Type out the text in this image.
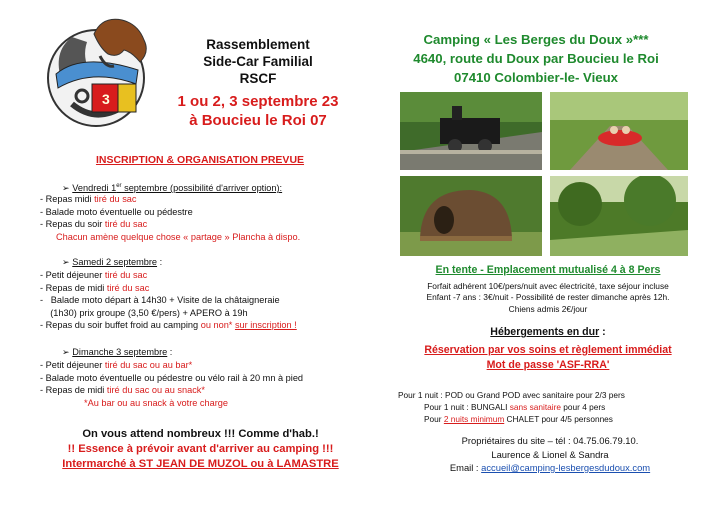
3
Rassemblement
Side-Car Familial
RSCF
1 ou 2, 3 septembre 23
à Boucieu le Roi 07
Camping « Les Berges du Doux »***
4640, route du Doux par Boucieu le Roi
07410 Colombier-le- Vieux
INSCRIPTION & ORGANISATION PREVUE
➢ Vendredi 1er septembre (possibilité d'arriver option):
- Repas midi tiré du sac
- Balade moto éventuelle ou pédestre
- Repas du soir tiré du sac
Chacun amène quelque chose « partage » Plancha à dispo.
➢ Samedi 2 septembre :
- Petit déjeuner tiré du sac
- Repas de midi tiré du sac
-   Balade moto départ à 14h30 + Visite de la châtaigneraie
(1h30) prix groupe (3,50 €/pers) + APERO à 19h
- Repas du soir buffet froid au camping ou non* sur inscription !
➢ Dimanche 3 septembre :
- Petit déjeuner tiré du sac ou au bar*
- Balade moto éventuelle ou pédestre ou vélo rail à 20 mn à pied
- Repas de midi tiré du sac ou au snack*
*Au bar ou au snack à votre charge
On vous attend nombreux !!! Comme d'hab.!
!! Essence à prévoir avant d'arriver au camping !!!
Intermarché à ST JEAN DE MUZOL ou à LAMASTRE
En tente - Emplacement mutualisé 4 à 8 Pers
Forfait adhérent 10€/pers/nuit avec électricité, taxe séjour incluse
Enfant -7 ans : 3€/nuit - Possibilité de rester dimanche après 12h.
Chiens admis 2€/jour
Hébergements en dur :
Réservation par vos soins et règlement immédiat
Mot de passe 'ASF-RRA'
Pour 1 nuit : POD ou Grand POD avec sanitaire pour 2/3 pers
Pour 1 nuit : BUNGALI sans sanitaire pour 4 pers
Pour 2 nuits minimum CHALET pour 4/5 personnes
Propriétaires du site – tél : 04.75.06.79.10.
Laurence & Lionel & Sandra
Email : accueil@camping-lesbergesdudoux.com
